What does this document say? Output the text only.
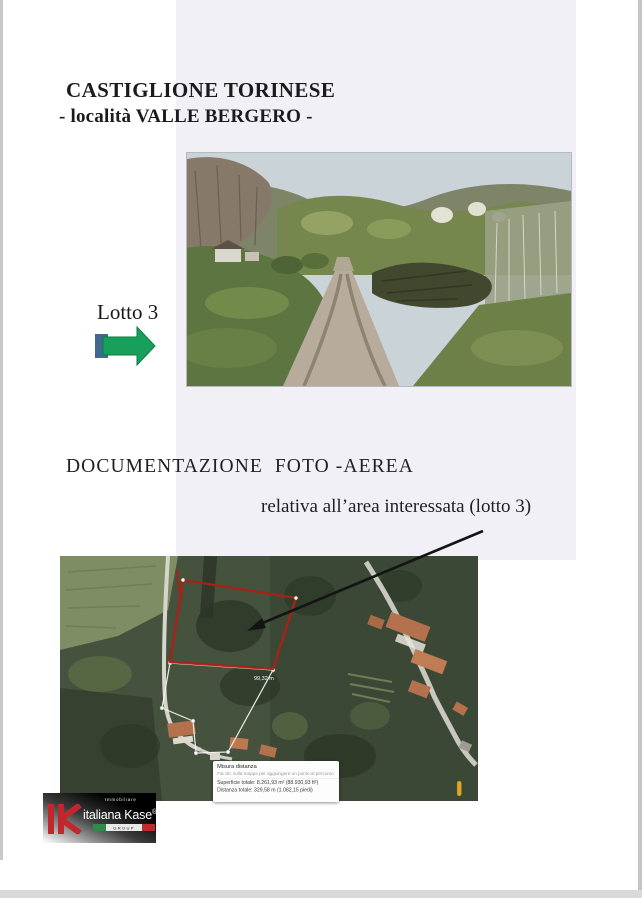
CASTIGLIONE TORINESE
- località VALLE BERGERO -
Lotto 3
DOCUMENTAZIONE  FOTO -AEREA
relativa all’area interessata (lotto 3)
99,32 m
Misura distanza
Fai clic sulla mappa per aggiungere un punto al percorso
Superficie totale: 8.261,93 m² (88.930,93 ft²)
Distanza totale: 329,58 m (1.082,15 piedi)
Immobiliare
italiana Kase®
GROUP
